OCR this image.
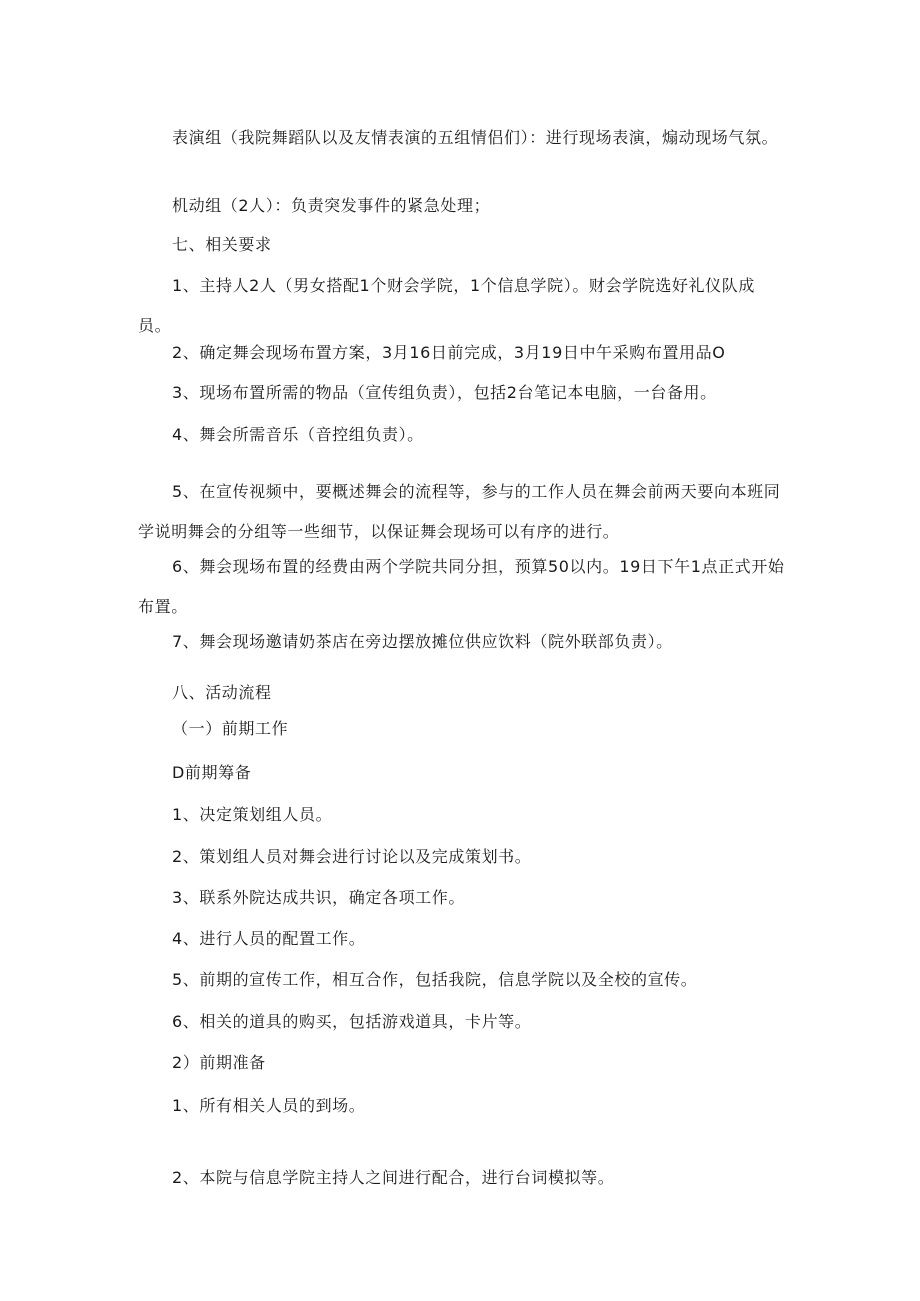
表演组（我院舞蹈队以及友情表演的五组情侣们）：进行现场表演，煽动现场气氛。
机动组（2人）：负责突发事件的紧急处理；
七、相关要求
1、主持人2人（男女搭配1个财会学院，1个信息学院）。财会学院选好礼仪队成员。
2、确定舞会现场布置方案，3月16日前完成，3月19日中午采购布置用品O
3、现场布置所需的物品（宣传组负责），包括2台笔记本电脑，一台备用。
4、舞会所需音乐（音控组负责）。
5、在宣传视频中，要概述舞会的流程等，参与的工作人员在舞会前两天要向本班同学说明舞会的分组等一些细节，以保证舞会现场可以有序的进行。
6、舞会现场布置的经费由两个学院共同分担，预算50以内。19日下午1点正式开始布置。
7、舞会现场邀请奶茶店在旁边摆放摊位供应饮料（院外联部负责）。
八、活动流程
（一）前期工作
D前期筹备
1、决定策划组人员。
2、策划组人员对舞会进行讨论以及完成策划书。
3、联系外院达成共识，确定各项工作。
4、进行人员的配置工作。
5、前期的宣传工作，相互合作，包括我院，信息学院以及全校的宣传。
6、相关的道具的购买，包括游戏道具，卡片等。
2）前期准备
1、所有相关人员的到场。
2、本院与信息学院主持人之间进行配合，进行台词模拟等。
